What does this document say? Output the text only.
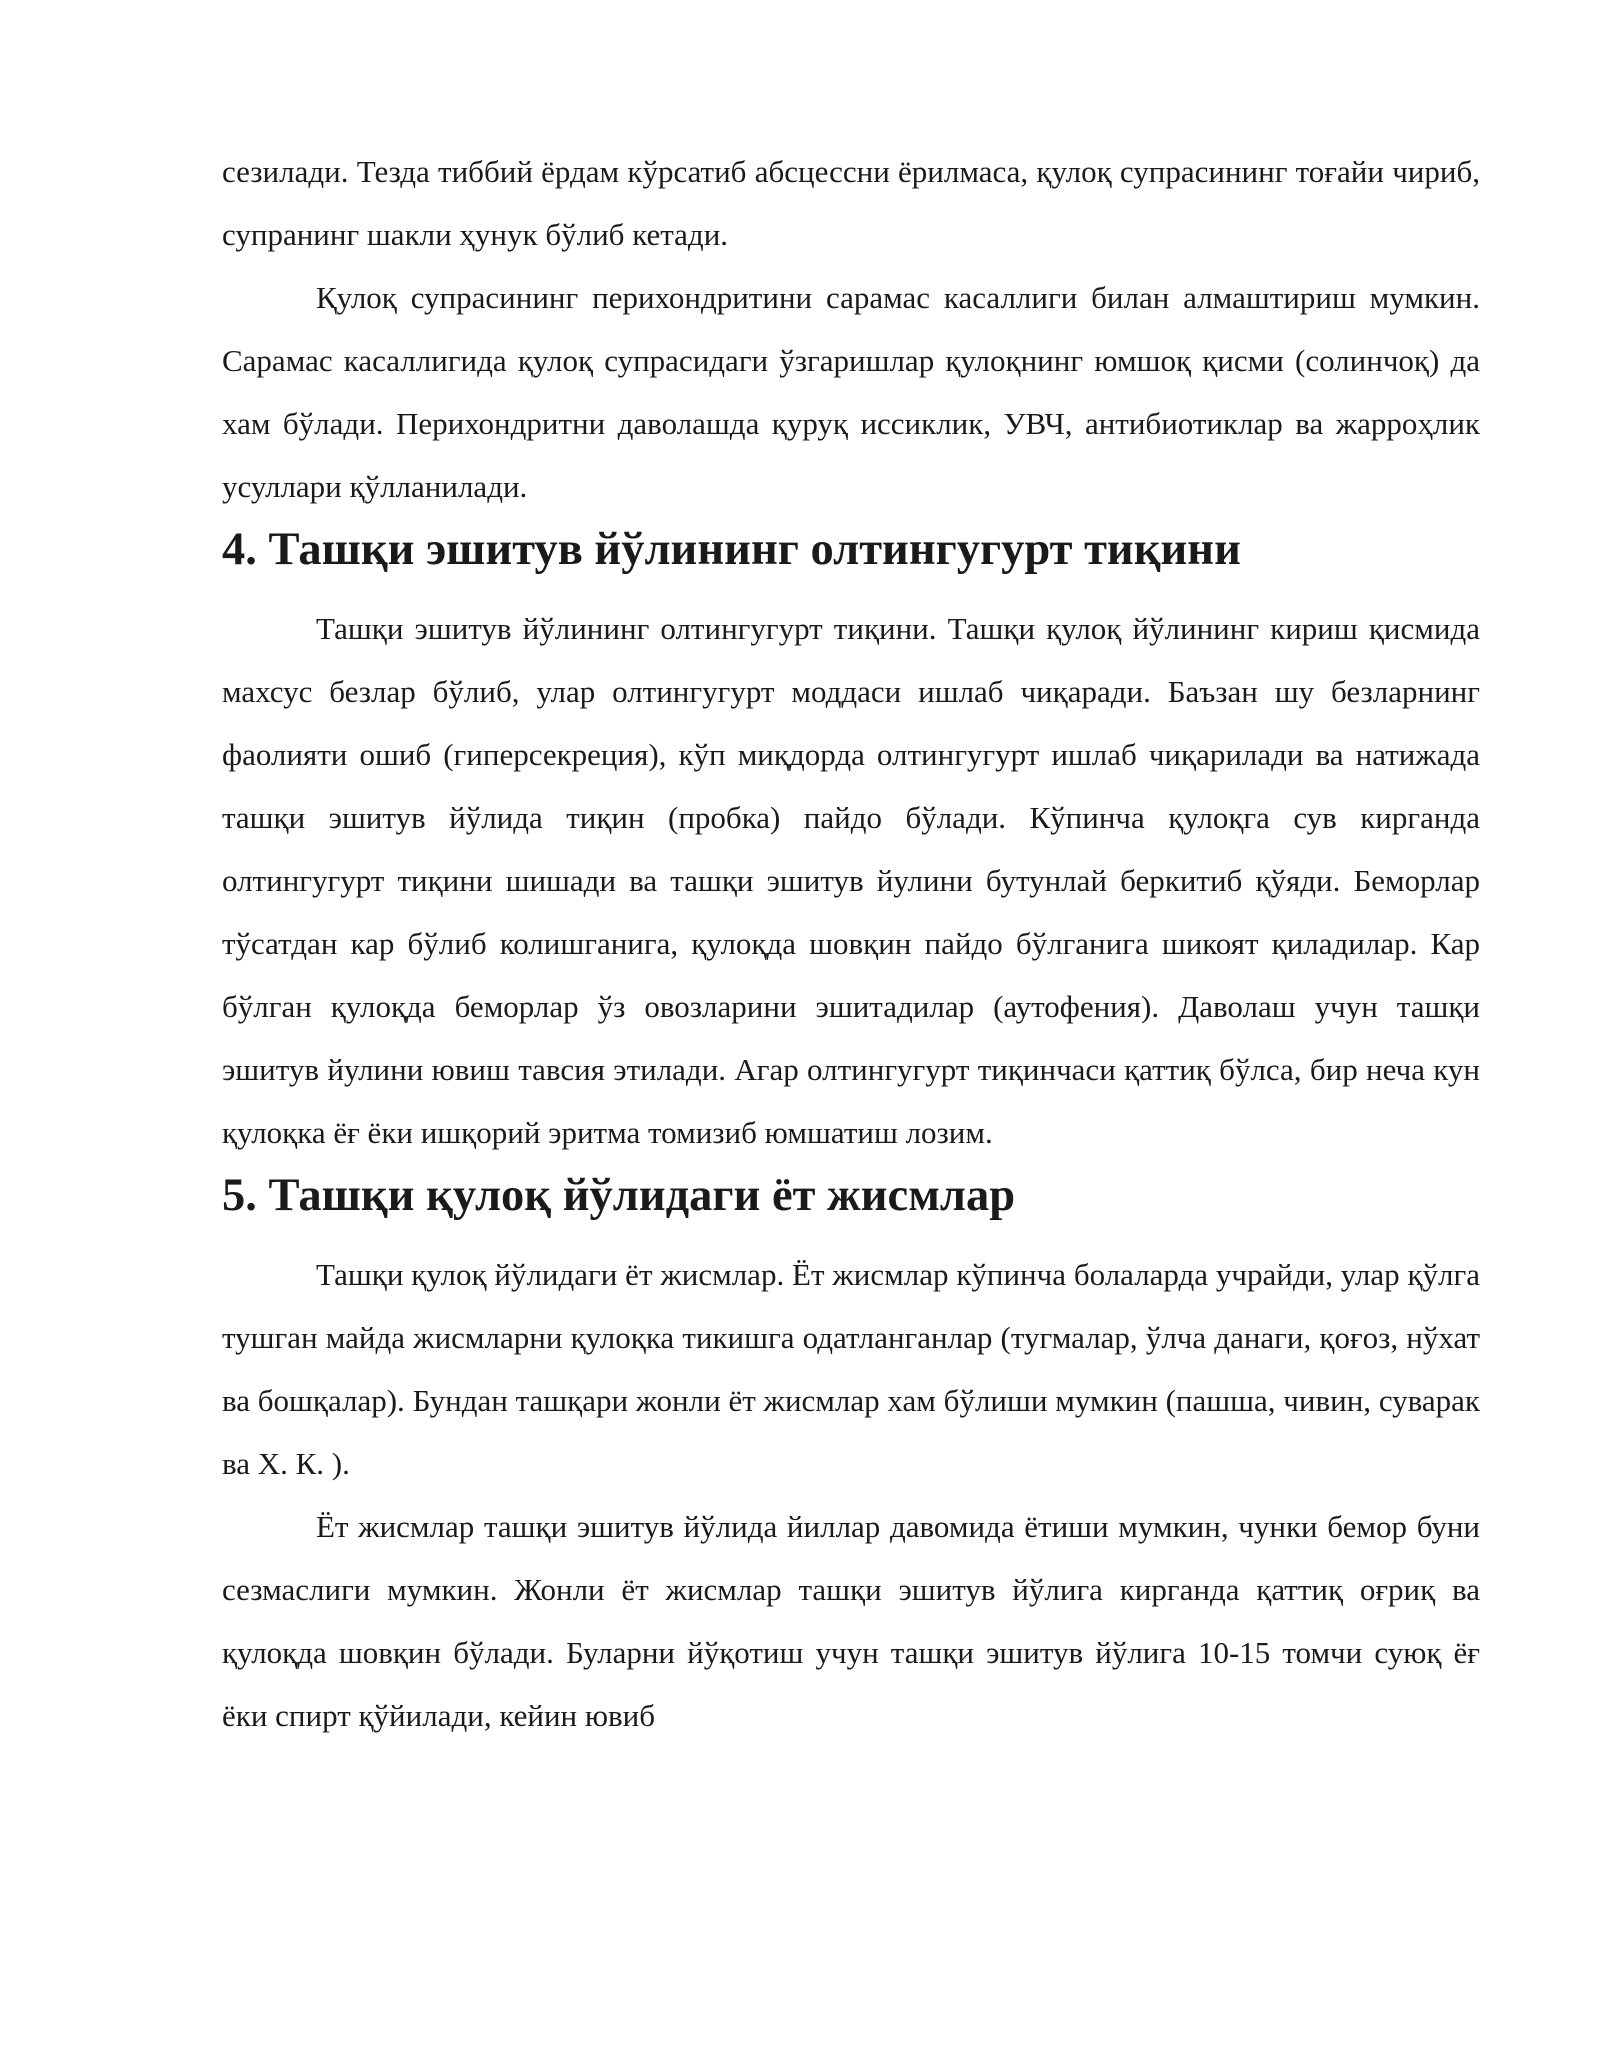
сезилади. Тезда тиббий ёрдам кўрсатиб абсцессни ёрилмаса, қулоқ супрасининг тоғайи чириб, супранинг шакли ҳунук бўлиб кетади.

Қулоқ супрасининг перихондритини сарамас касаллиги билан алмаштириш мумкин. Сарамас касаллигида қулоқ супрасидаги ўзгаришлар қулоқнинг юмшоқ қисми (солинчоқ) да хам бўлади. Перихондритни даволашда қуруқ иссиклик, УВЧ, антибиотиклар ва жарроҳлик усуллари қўлланилади.

4. Ташқи эшитув йўлининг олтингугурт тиқини

Ташқи эшитув йўлининг олтингугурт тиқини. Ташқи қулоқ йўлининг кириш қисмида махсус безлар бўлиб, улар олтингугурт моддаси ишлаб чиқаради. Баъзан шу безларнинг фаолияти ошиб (гиперсекреция), кўп миқдорда олтингугурт ишлаб чиқарилади ва натижада ташқи эшитув йўлида тиқин (пробка) пайдо бўлади. Кўпинча қулоқга сув кирганда олтингугурт тиқини шишади ва ташқи эшитув йулини бутунлай беркитиб қўяди. Беморлар тўсатдан кар бўлиб колишганига, қулоқда шовқин пайдо бўлганига шикоят қиладилар. Кар бўлган қулоқда беморлар ўз овозларини эшитадилар (аутофения). Даволаш учун ташқи эшитув йулини ювиш тавсия этилади. Агар олтингугурт тиқинчаси қаттиқ бўлса, бир неча кун қулоқка ёғ ёки ишқорий эритма томизиб юмшатиш лозим.

5. Ташқи қулоқ йўлидаги ёт жисмлар

Ташқи қулоқ йўлидаги ёт жисмлар. Ёт жисмлар кўпинча болаларда учрайди, улар қўлга тушган майда жисмларни қулоқка тикишга одатланганлар (тугмалар, ўлча данаги, қоғоз, нўхат ва бошқалар). Бундан ташқари жонли ёт жисмлар хам бўлиши мумкин (пашша, чивин, суварак ва Х. К. ).

Ёт жисмлар ташқи эшитув йўлида йиллар давомида ётиши мумкин, чунки бемор буни сезмаслиги мумкин. Жонли ёт жисмлар ташқи эшитув йўлига кирганда қаттиқ оғриқ ва қулоқда шовқин бўлади. Буларни йўқотиш учун ташқи эшитув йўлига 10-15 томчи суюқ ёғ ёки спирт қўйилади, кейин ювиб
